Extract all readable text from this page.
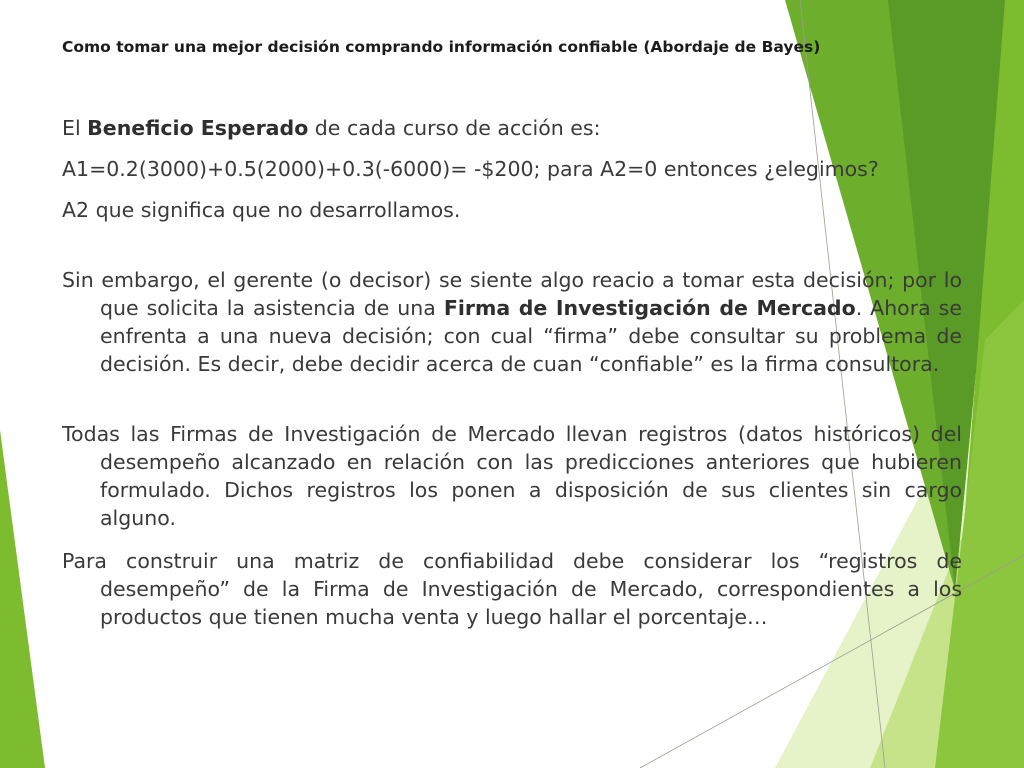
Como tomar una mejor decisión comprando información confiable (Abordaje de Bayes)

El Beneficio Esperado de cada curso de acción es:

A1=0.2(3000)+0.5(2000)+0.3(-6000)= -$200; para A2=0 entonces ¿elegimos?

A2 que significa que no desarrollamos.

Sin embargo, el gerente (o decisor) se siente algo reacio a tomar esta decisión; por lo que solicita la asistencia de una Firma de Investigación de Mercado. Ahora se enfrenta a una nueva decisión; con cual “firma” debe consultar su problema de decisión. Es decir, debe decidir acerca de cuan “confiable” es la firma consultora.

Todas las Firmas de Investigación de Mercado llevan registros (datos históricos) del desempeño alcanzado en relación con las predicciones anteriores que hubieren formulado. Dichos registros los ponen a disposición de sus clientes sin cargo alguno.

Para construir una matriz de confiabilidad debe considerar los “registros de desempeño” de la Firma de Investigación de Mercado, correspondientes a los productos que tienen mucha venta y luego hallar el porcentaje…
